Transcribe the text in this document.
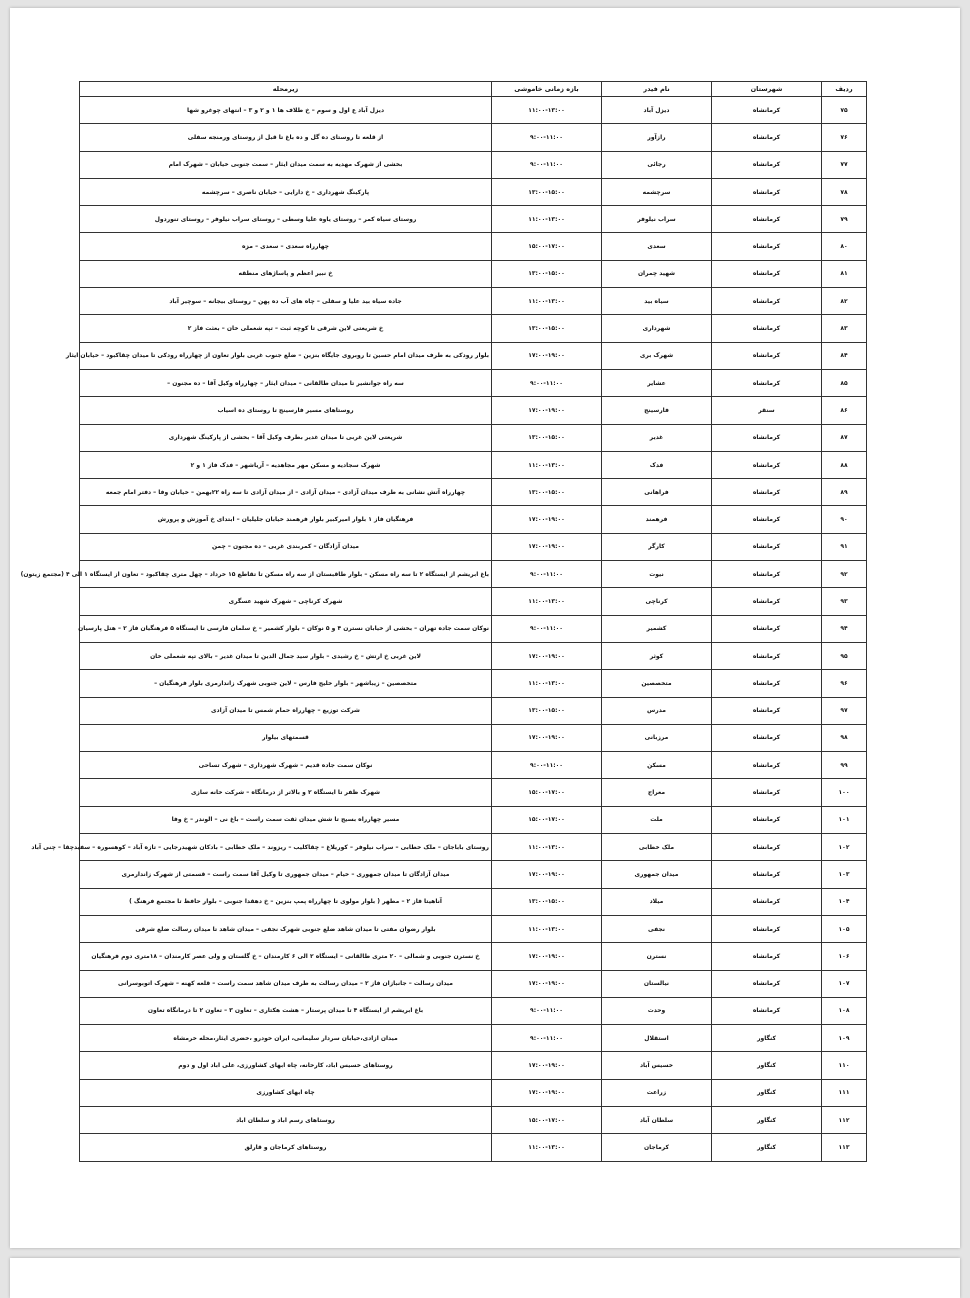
ردیف	شهرستان	نام فیدر	بازه زمانی خاموشی	زیرمحله
۷۵	کرمانشاه	دیزل آباد	۱۱:۰۰-۱۳:۰۰	دیزل آباد ع اول و سوم – خ طلاف ها ۱ و ۲ و ۳ – انتهای چوغرو شها
۷۶	کرمانشاه	رازآور	۹:۰۰-۱۱:۰۰	از قلعه تا روستای ده گل و ده باغ تا قبل از روستای ورمنجه سفلی
۷۷	کرمانشاه	رجائی	۹:۰۰-۱۱:۰۰	بخشی از شهرک مهدیه به سمت میدان ایثار – سمت جنوبی خیابان – شهرک امام
۷۸	کرمانشاه	سرچشمه	۱۳:۰۰-۱۵:۰۰	پارکینگ شهرداری – خ دارایی – خیابان ناصری – سرچشمه
۷۹	کرمانشاه	سراب نیلوفر	۱۱:۰۰-۱۳:۰۰	روستای سیاه کمر – روستای یاوه علیا وسطی – روستای سراب نیلوفر – روستای تنوردول
۸۰	کرمانشاه	سعدی	۱۵:۰۰-۱۷:۰۰	چهارراه سعدی – سعدی – مزه
۸۱	کرمانشاه	شهید چمران	۱۳:۰۰-۱۵:۰۰	خ نبیر اعظم و پاساژهای منطقه
۸۲	کرمانشاه	سیاه بید	۱۱:۰۰-۱۳:۰۰	جاده سیاه بید علیا و سفلی – چاه های آب ده پهن – روستای بیجانه – سوچیر آباد
۸۳	کرمانشاه	شهرداری	۱۳:۰۰-۱۵:۰۰	خ شریعتی لاین شرقی تا کوچه ثبت – تپه شغملی خان – بعثت فاز ۲
۸۴	کرمانشاه	شهرک بری	۱۷:۰۰-۱۹:۰۰	بلوار رودکی به طرف میدان امام حسین تا روبروی جایگاه بنزین – ضلع جنوب غربی بلوار تعاون از چهارراه رودکی تا میدان چقاکبود – خیابان ایثار
۸۵	کرمانشاه	عشایر	۹:۰۰-۱۱:۰۰	سه راه جوانشیر تا میدان طالقانی – میدان ایثار – چهارراه وکیل آقا – ده مجنون –
۸۶	سنقر	فارسینج	۱۷:۰۰-۱۹:۰۰	روستاهای مسیر فارسینج تا روستای ده اسیاب
۸۷	کرمانشاه	غدیر	۱۳:۰۰-۱۵:۰۰	شریعتی لاین غربی تا میدان غدیر بطرف وکیل آقا – بخشی از پارکینگ شهرداری
۸۸	کرمانشاه	فدک	۱۱:۰۰-۱۳:۰۰	شهرک سجادیه و مسکن مهر مجاهدیه – آریاشهر – فدک فاز ۱ و ۲
۸۹	کرمانشاه	فراهانی	۱۳:۰۰-۱۵:۰۰	چهارراه آتش نشانی به طرف میدان آزادی – میدان آزادی – از میدان آزادی تا سه راه ۲۲بهمن – خیابان وفا – دفتر امام جمعه
۹۰	کرمانشاه	فرهمند	۱۷:۰۰-۱۹:۰۰	فرهنگیان فاز ۱ بلوار امیرکبیر بلوار فرهمند خیابان جلیلیان – ابتدای خ آموزش و پرورش
۹۱	کرمانشاه	کارگر	۱۷:۰۰-۱۹:۰۰	میدان آزادگان – کمربندی غربی – ده مجنون – چمن
۹۲	کرمانشاه	نیوت	۹:۰۰-۱۱:۰۰	باغ ابریشم از ایستگاه ۲ تا سه راه مسکن – بلوار طاقبستان از سه راه مسکن تا تقاطع ۱۵ خرداد – چهل متری چقاکبود – تعاون از ایستگاه ۱ الی ۴ (مجتمع زیتون)
۹۳	کرمانشاه	کرناچی	۱۱:۰۰-۱۳:۰۰	شهرک کرناچی – شهرک شهید عسگری
۹۴	کرمانشاه	کشمیر	۹:۰۰-۱۱:۰۰	نوکان سمت جاده تهران – بخشی از خیابان نسترن ۴ و ۵ نوکان – بلوار کشمیر – خ سلمان فارسی تا ایستگاه ۵ فرهنگیان فاز ۲ – هتل پارسیان
۹۵	کرمانشاه	کوثر	۱۷:۰۰-۱۹:۰۰	لاین غربی خ ارتش – خ رشیدی – بلوار سید جمال الدین تا میدان غدیر – بالای تپه شغملی خان
۹۶	کرمانشاه	متخصصین	۱۱:۰۰-۱۳:۰۰	متخصصین – زیباشهر – بلوار خلیج فارس – لاین جنوبی شهرک زاندارمری بلوار فرهنگیان –
۹۷	کرمانشاه	مدرس	۱۳:۰۰-۱۵:۰۰	شرکت توزیع – چهارراه حمام شمس تا میدان آزادی
۹۸	کرمانشاه	مرزبانی	۱۷:۰۰-۱۹:۰۰	قسمتهای بیلوار
۹۹	کرمانشاه	مسکن	۹:۰۰-۱۱:۰۰	نوکان سمت جاده قدیم – شهرک شهرداری – شهرک تساحی
۱۰۰	کرمانشاه	معراج	۱۵:۰۰-۱۷:۰۰	شهرک ظفر تا ایستگاه ۲ و بالاتر از درمانگاه – شرکت خانه سازی
۱۰۱	کرمانشاه	ملت	۱۵:۰۰-۱۷:۰۰	مسیر چهارراه بسیج تا شش میدان ثفت سمت راست – باغ نی – الوندر – خ وفا
۱۰۲	کرمانشاه	ملک خطابی	۱۱:۰۰-۱۳:۰۰	روستای باباجان – ملک خطابی – سراب نیلوفر – کوریلاغ – چقاکلیب – ریزوند – ملک خطابی – بادکان شهیدرجایی – تازه آباد – کوهسوره – سفیدچقا – چنی آباد
۱۰۳	کرمانشاه	میدان جمهوری	۱۷:۰۰-۱۹:۰۰	میدان آزادگان تا میدان جمهوری – خیام – میدان جمهوری تا وکیل آقا سمت راست – قسمتی از شهرک زاندارمری
۱۰۴	کرمانشاه	میلاد	۱۳:۰۰-۱۵:۰۰	آناهیتا فاز ۲ – مطهر ( بلوار مولوی تا چهارراه پمپ بنزین – خ دهقدا جنوبی – بلوار حافظ تا مجتمع فرهنگ )
۱۰۵	کرمانشاه	نجفی	۱۱:۰۰-۱۳:۰۰	بلوار رضوان مفتی تا میدان شاهد ضلع جنوبی شهرک نجفی – میدان شاهد تا میدان رسالت ضلع شرقی
۱۰۶	کرمانشاه	نسترن	۱۷:۰۰-۱۹:۰۰	خ نسترن جنوبی و شمالی – ۲۰ متری طالقانی – ایستگاه ۲ الی ۶ کارمندان – خ گلستان و ولی عصر کارمندان – ۱۸متری دوم فرهنگیان
۱۰۷	کرمانشاه	نیالستان	۱۷:۰۰-۱۹:۰۰	میدان رسالت – جانبازان فاز ۲ – میدان رسالت به طرف میدان شاهد سمت راست – قلعه کهنه – شهرک اتوبوسرانی
۱۰۸	کرمانشاه	وحدت	۹:۰۰-۱۱:۰۰	باغ ابریشم از ایستگاه ۴ تا میدان پرستار – هشت هکتاری – تعاون ۳ – تعاون ۲ تا درمانگاه تعاون
۱۰۹	کنگاور	استقلال	۹:۰۰-۱۱:۰۰	میدان ازادی،خیابان سردار سلیمانی، ایران خودرو ،خضری ایثار،محله خرمشاه
۱۱۰	کنگاور	خسیس آباد	۱۷:۰۰-۱۹:۰۰	روستاهای خسیس اباد، کارخانه، چاه ابهای کشاورزی، علی اباد اول و دوم
۱۱۱	کنگاور	زراعت	۱۷:۰۰-۱۹:۰۰	چاه ابهای کشاورزی
۱۱۲	کنگاور	سلطان آباد	۱۵:۰۰-۱۷:۰۰	روستاهای رسم اباد و سلطان اباد
۱۱۳	کنگاور	کرماجان	۱۱:۰۰-۱۳:۰۰	روستاهای کرماجان و قارلق
